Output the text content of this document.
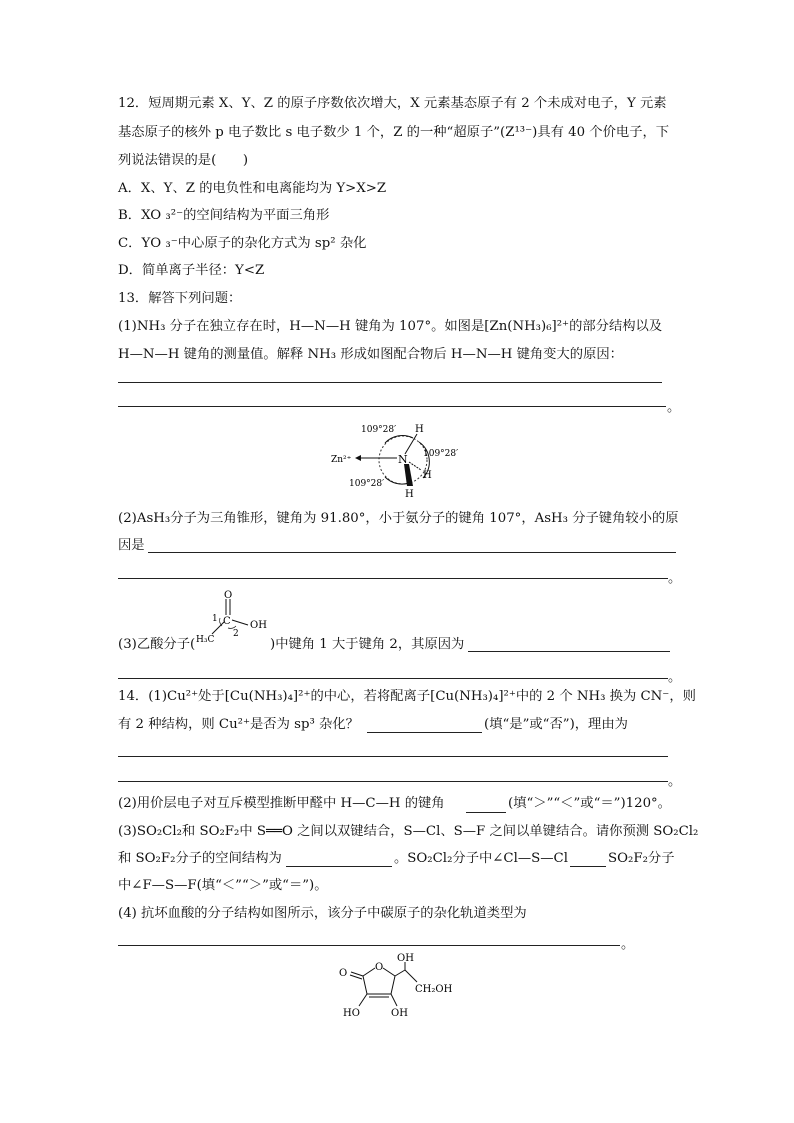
12．短周期元素 X、Y、Z 的原子序数依次增大，X 元素基态原子有 2 个未成对电子，Y 元素
基态原子的核外 p 电子数比 s 电子数少 1 个，Z 的一种“超原子”(Z¹³⁻)具有 40 个价电子，下
列说法错误的是(　　)
A．X、Y、Z 的电负性和电离能均为 Y>X>Z
B．XO ₃²⁻的空间结构为平面三角形
C．YO ₃⁻中心原子的杂化方式为 sp² 杂化
D．简单离子半径：Y<Z
13．解答下列问题：
(1)NH₃ 分子在独立存在时，H—N—H 键角为 107°。如图是[Zn(NH₃)₆]²⁺的部分结构以及
H—N—H 键角的测量值。解释 NH₃ 形成如图配合物后 H—N—H 键角变大的原因：
。
N
Zn²⁺
H
H
H
109°28′
109°28′
109°28′
(2)AsH₃分子为三角锥形，键角为 91.80°，小于氨分子的键角 107°，AsH₃ 分子键角较小的原
因是
。
O
C OH
H₃C
1
2
(3)乙酸分子(	)中键角 1 大于键角 2，其原因为
。
14．(1)Cu²⁺处于[Cu(NH₃)₄]²⁺的中心，若将配离子[Cu(NH₃)₄]²⁺中的 2 个 NH₃ 换为 CN⁻，则
有 2 种结构，则 Cu²⁺是否为 sp³ 杂化？	(填“是”或“否”)，理由为
。
(2)用价层电子对互斥模型推断甲醛中 H—C—H 的键角	(填“＞”“＜”或“＝”)120°。
(3)SO₂Cl₂和 SO₂F₂中 S══O 之间以双键结合，S—Cl、S—F 之间以单键结合。请你预测 SO₂Cl₂
和 SO₂F₂分子的空间结构为	。SO₂Cl₂分子中∠Cl—S—Cl	SO₂F₂分子
中∠F—S—F(填“＜”“＞”或“＝”)。
(4) 抗坏血酸的分子结构如图所示，该分子中碳原子的杂化轨道类型为
。
O
O
OH
CH₂OH
HO	OH
